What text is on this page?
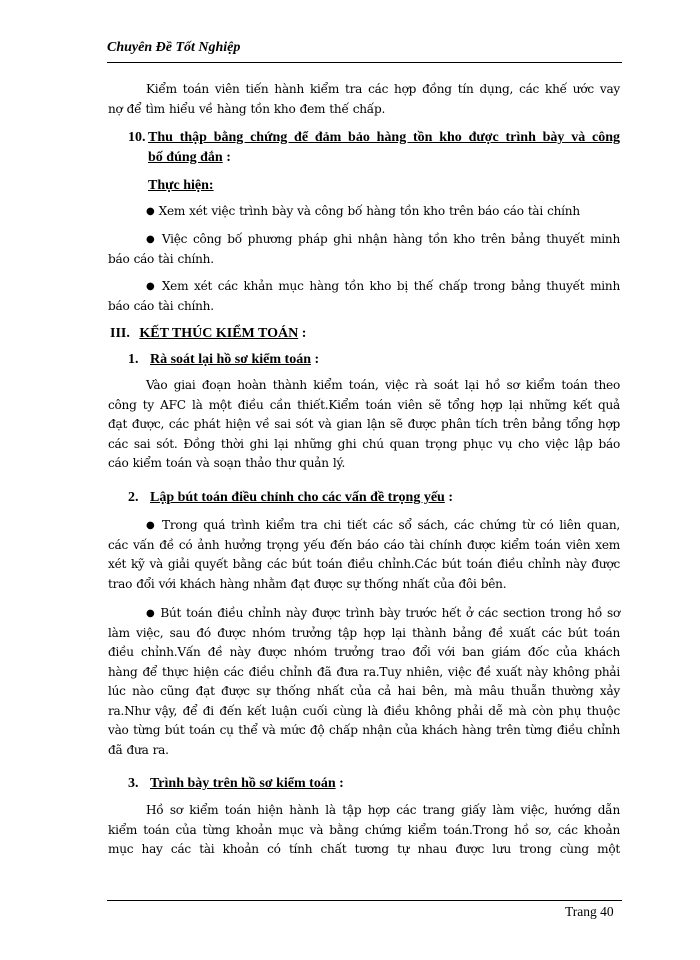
Chuyên Đề Tốt Nghiệp
Kiểm toán viên tiến hành kiểm tra các hợp đồng tín dụng, các khế ước vay
nợ để tìm hiểu về hàng tồn kho đem thế chấp.
10. Thu thập bằng chứng để đảm bảo hàng tồn kho được trình bày và công
bố đúng đắn :
Thực hiện:
● Xem xét việc trình bày và công bố hàng tồn kho trên báo cáo tài chính
● Việc công bố phương pháp ghi nhận hàng tồn kho trên bảng thuyết minh
báo cáo tài chính.
● Xem xét các khản mục hàng tồn kho bị thế chấp trong bảng thuyết minh
báo cáo tài chính.
III. KẾT THÚC KIỂM TOÁN :
1. Rà soát lại hồ sơ kiểm toán :
Vào giai đoạn hoàn thành kiểm toán, việc rà soát lại hồ sơ kiểm toán theo
công ty AFC là một điều cần thiết.Kiểm toán viên sẽ tổng hợp lại những kết quả
đạt được, các phát hiện về sai sót và gian lận sẽ được phân tích trên bảng tổng hợp
các sai sót. Đồng thời ghi lại những ghi chú quan trọng phục vụ cho việc lập báo
cáo kiểm toán và soạn thảo thư quản lý.
2. Lập bút toán điều chỉnh cho các vấn đề trọng yếu :
● Trong quá trình kiểm tra chi tiết các sổ sách, các chứng từ có liên quan,
các vấn đề có ảnh hưởng trọng yếu đến báo cáo tài chính được kiểm toán viên xem
xét kỹ và giải quyết bằng các bút toán điều chỉnh.Các bút toán điều chỉnh này được
trao đổi với khách hàng nhằm đạt được sự thống nhất của đôi bên.
● Bút toán điều chỉnh này được trình bày trước hết ở các section trong hồ sơ
làm việc, sau đó được nhóm trưởng tập hợp lại thành bảng đề xuất các bút toán
điều chỉnh.Vấn đề này được nhóm trưởng trao đổi với ban giám đốc của khách
hàng để thực hiện các điều chỉnh đã đưa ra.Tuy nhiên, việc đề xuất này không phải
lúc nào cũng đạt được sự thống nhất của cả hai bên, mà mâu thuẫn thường xảy
ra.Như vậy, để đi đến kết luận cuối cùng là điều không phải dễ mà còn phụ thuộc
vào từng bút toán cụ thể và mức độ chấp nhận của khách hàng trên từng điều chỉnh
đã đưa ra.
3. Trình bày trên hồ sơ kiểm toán :
Hồ sơ kiểm toán hiện hành là tập hợp các trang giấy làm việc, hướng dẫn
kiểm toán của từng khoản mục và bằng chứng kiểm toán.Trong hồ sơ, các khoản
mục hay các tài khoản có tính chất tương tự nhau được lưu trong cùng một
Trang 40
